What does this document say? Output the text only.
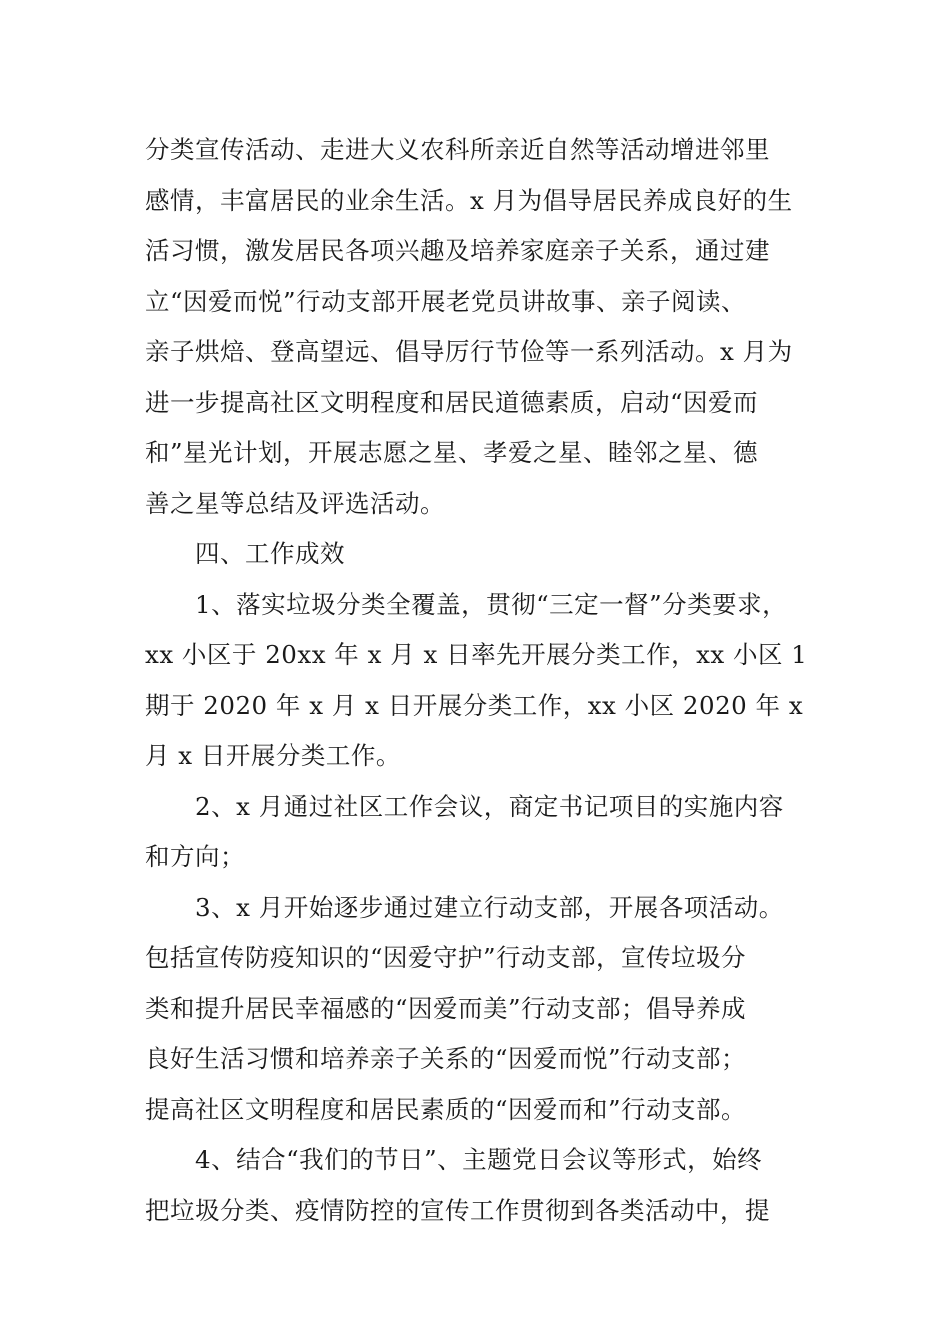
分类宣传活动、走进大义农科所亲近自然等活动增进邻里
感情，丰富居民的业余生活。x 月为倡导居民养成良好的生
活习惯，激发居民各项兴趣及培养家庭亲子关系，通过建
立“因爱而悦”行动支部开展老党员讲故事、亲子阅读、
亲子烘焙、登高望远、倡导厉行节俭等一系列活动。x 月为
进一步提高社区文明程度和居民道德素质，启动“因爱而
和”星光计划，开展志愿之星、孝爱之星、睦邻之星、德
善之星等总结及评选活动。
　　四、工作成效
　　1、落实垃圾分类全覆盖，贯彻“三定一督”分类要求，
xx 小区于 20xx 年 x 月 x 日率先开展分类工作，xx 小区 1
期于 2020 年 x 月 x 日开展分类工作，xx 小区 2020 年 x
月 x 日开展分类工作。
　　2、x 月通过社区工作会议，商定书记项目的实施内容
和方向；
　　3、x 月开始逐步通过建立行动支部，开展各项活动。
包括宣传防疫知识的“因爱守护”行动支部，宣传垃圾分
类和提升居民幸福感的“因爱而美”行动支部；倡导养成
良好生活习惯和培养亲子关系的“因爱而悦”行动支部；
提高社区文明程度和居民素质的“因爱而和”行动支部。
　　4、结合“我们的节日”、主题党日会议等形式，始终
把垃圾分类、疫情防控的宣传工作贯彻到各类活动中，提
